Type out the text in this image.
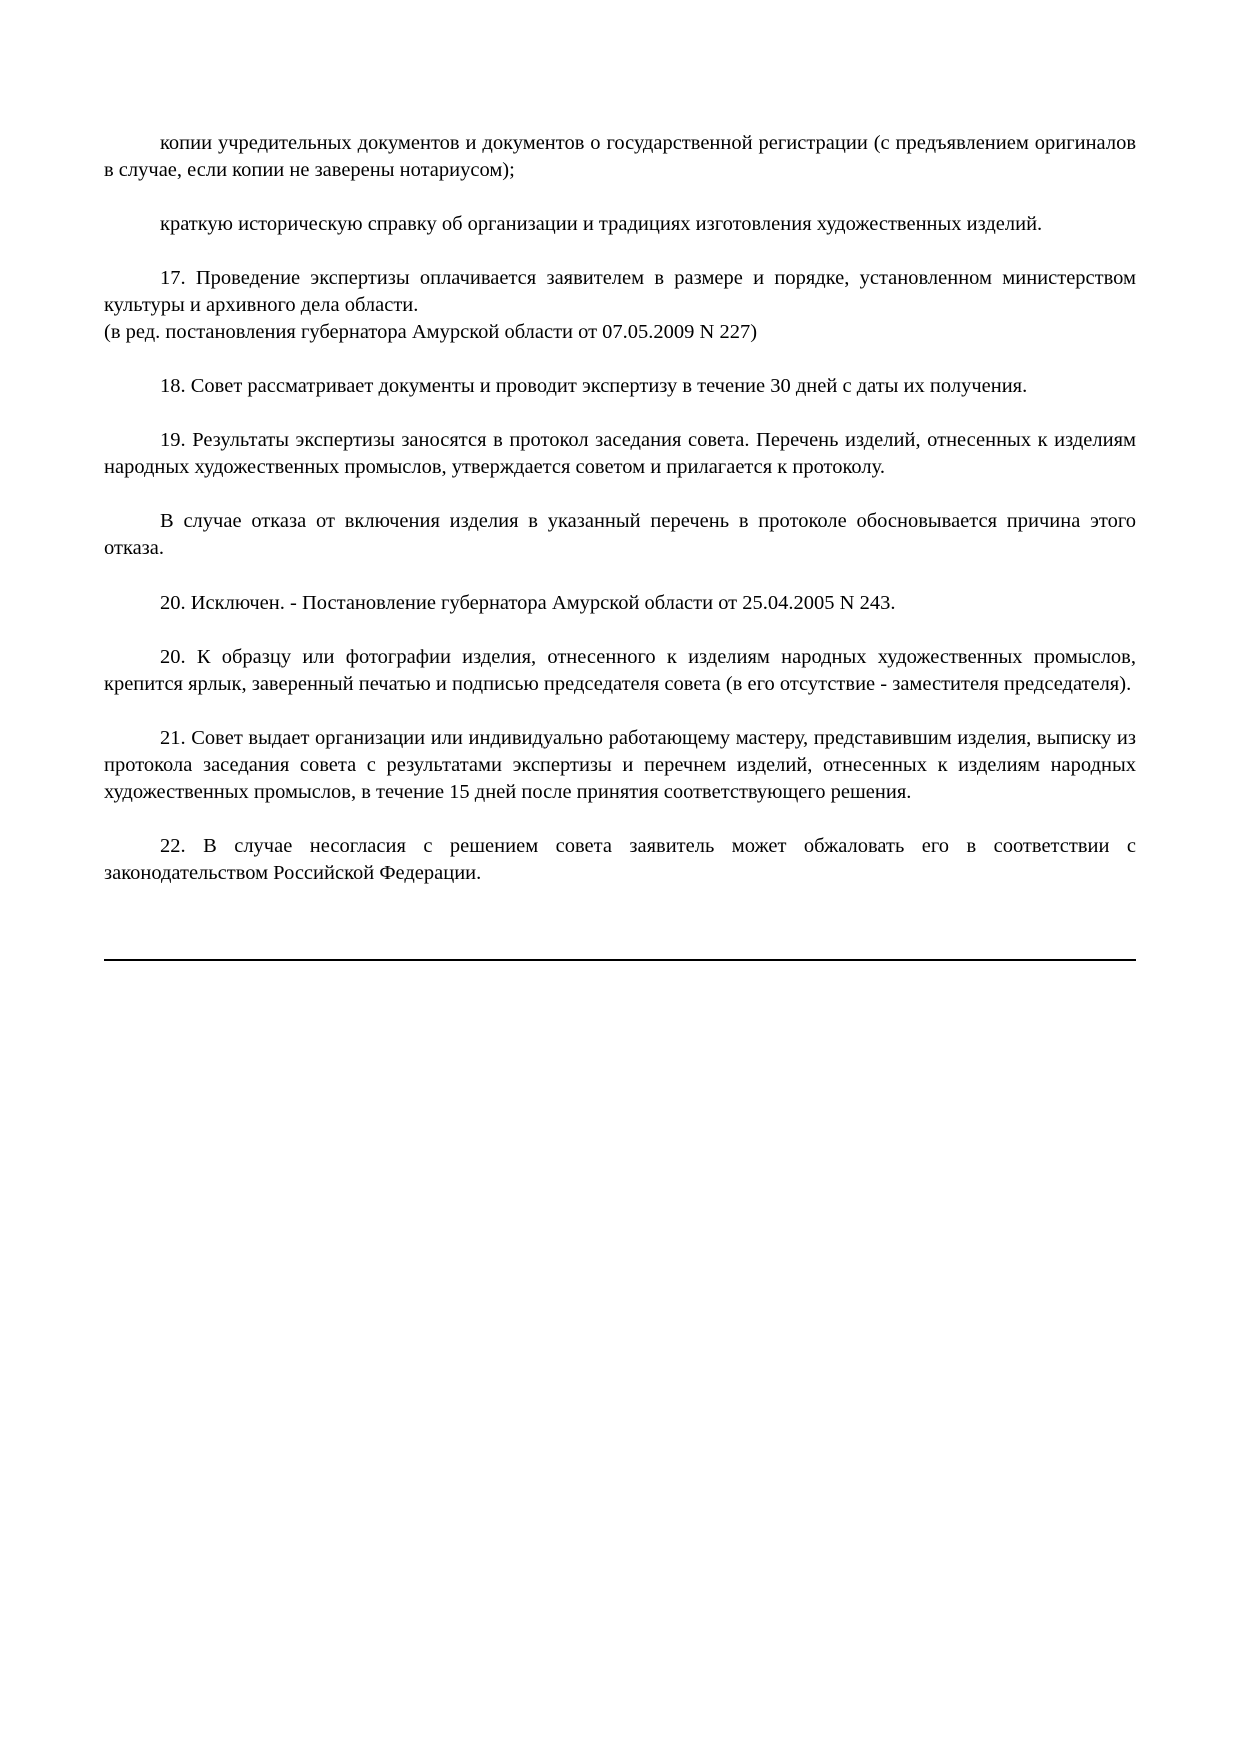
копии учредительных документов и документов о государственной регистрации (с предъявлением оригиналов в случае, если копии не заверены нотариусом);

краткую историческую справку об организации и традициях изготовления художественных изделий.

17. Проведение экспертизы оплачивается заявителем в размере и порядке, установленном министерством культуры и архивного дела области.

(в ред. постановления губернатора Амурской области от 07.05.2009 N 227)

18. Совет рассматривает документы и проводит экспертизу в течение 30 дней с даты их получения.

19. Результаты экспертизы заносятся в протокол заседания совета. Перечень изделий, отнесенных к изделиям народных художественных промыслов, утверждается советом и прилагается к протоколу.

В случае отказа от включения изделия в указанный перечень в протоколе обосновывается причина этого отказа.

20. Исключен. - Постановление губернатора Амурской области от 25.04.2005 N 243.

20. К образцу или фотографии изделия, отнесенного к изделиям народных художественных промыслов, крепится ярлык, заверенный печатью и подписью председателя совета (в его отсутствие - заместителя председателя).

21. Совет выдает организации или индивидуально работающему мастеру, представившим изделия, выписку из протокола заседания совета с результатами экспертизы и перечнем изделий, отнесенных к изделиям народных художественных промыслов, в течение 15 дней после принятия соответствующего решения.

22. В случае несогласия с решением совета заявитель может обжаловать его в соответствии с законодательством Российской Федерации.
